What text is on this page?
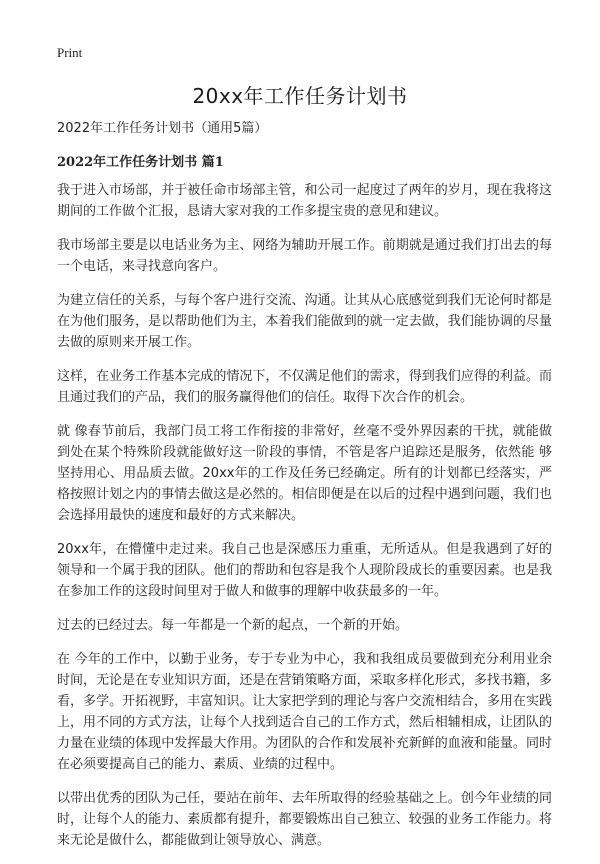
Print
20xx年工作任务计划书

2022年工作任务计划书（通用5篇）

2022年工作任务计划书 篇1

我于进入市场部，并于被任命市场部主管，和公司一起度过了两年的岁月，现在我将这期间的工作做个汇报，恳请大家对我的工作多提宝贵的意见和建议。

我市场部主要是以电话业务为主、网络为辅助开展工作。前期就是通过我们打出去的每一个电话，来寻找意向客户。

为建立信任的关系，与每个客户进行交流、沟通。让其从心底感觉到我们无论何时都是在为他们服务，是以帮助他们为主，本着我们能做到的就一定去做，我们能协调的尽量去做的原则来开展工作。

这样，在业务工作基本完成的情况下，不仅满足他们的需求，得到我们应得的利益。而且通过我们的产品，我们的服务赢得他们的信任。取得下次合作的机会。

就 像春节前后，我部门员工将工作衔接的非常好，丝毫不受外界因素的干扰，就能做到处在某个特殊阶段就能做好这一阶段的事情，不管是客户追踪还是服务，依然能 够坚持用心、用品质去做。20xx年的工作及任务已经确定。所有的计划都已经落实，严格按照计划之内的事情去做这是必然的。相信即便是在以后的过程中遇到问题，我们也会选择用最快的速度和最好的方式来解决。

20xx年，在懵懂中走过来。我自己也是深感压力重重，无所适从。但是我遇到了好的领导和一个属于我的团队。他们的帮助和包容是我个人现阶段成长的重要因素。也是我在参加工作的这段时间里对于做人和做事的理解中收获最多的一年。

过去的已经过去。每一年都是一个新的起点，一个新的开始。

在 今年的工作中，以勤于业务，专于专业为中心，我和我组成员要做到充分利用业余时间，无论是在专业知识方面，还是在营销策略方面，采取多样化形式，多找书籍，多看，多学。开拓视野，丰富知识。让大家把学到的理论与客户交流相结合，多用在实践上，用不同的方式方法，让每个人找到适合自己的工作方式，然后相辅相成，让团队的力量在业绩的体现中发挥最大作用。为团队的合作和发展补充新鲜的血液和能量。同时在必须要提高自己的能力、素质、业绩的过程中。

以带出优秀的团队为己任，要站在前年、去年所取得的经验基础之上。创今年业绩的同时，让每个人的能力、素质都有提升，都要锻炼出自己独立、较强的业务工作能力。将来无论是做什么，都能做到让领导放心、满意。
